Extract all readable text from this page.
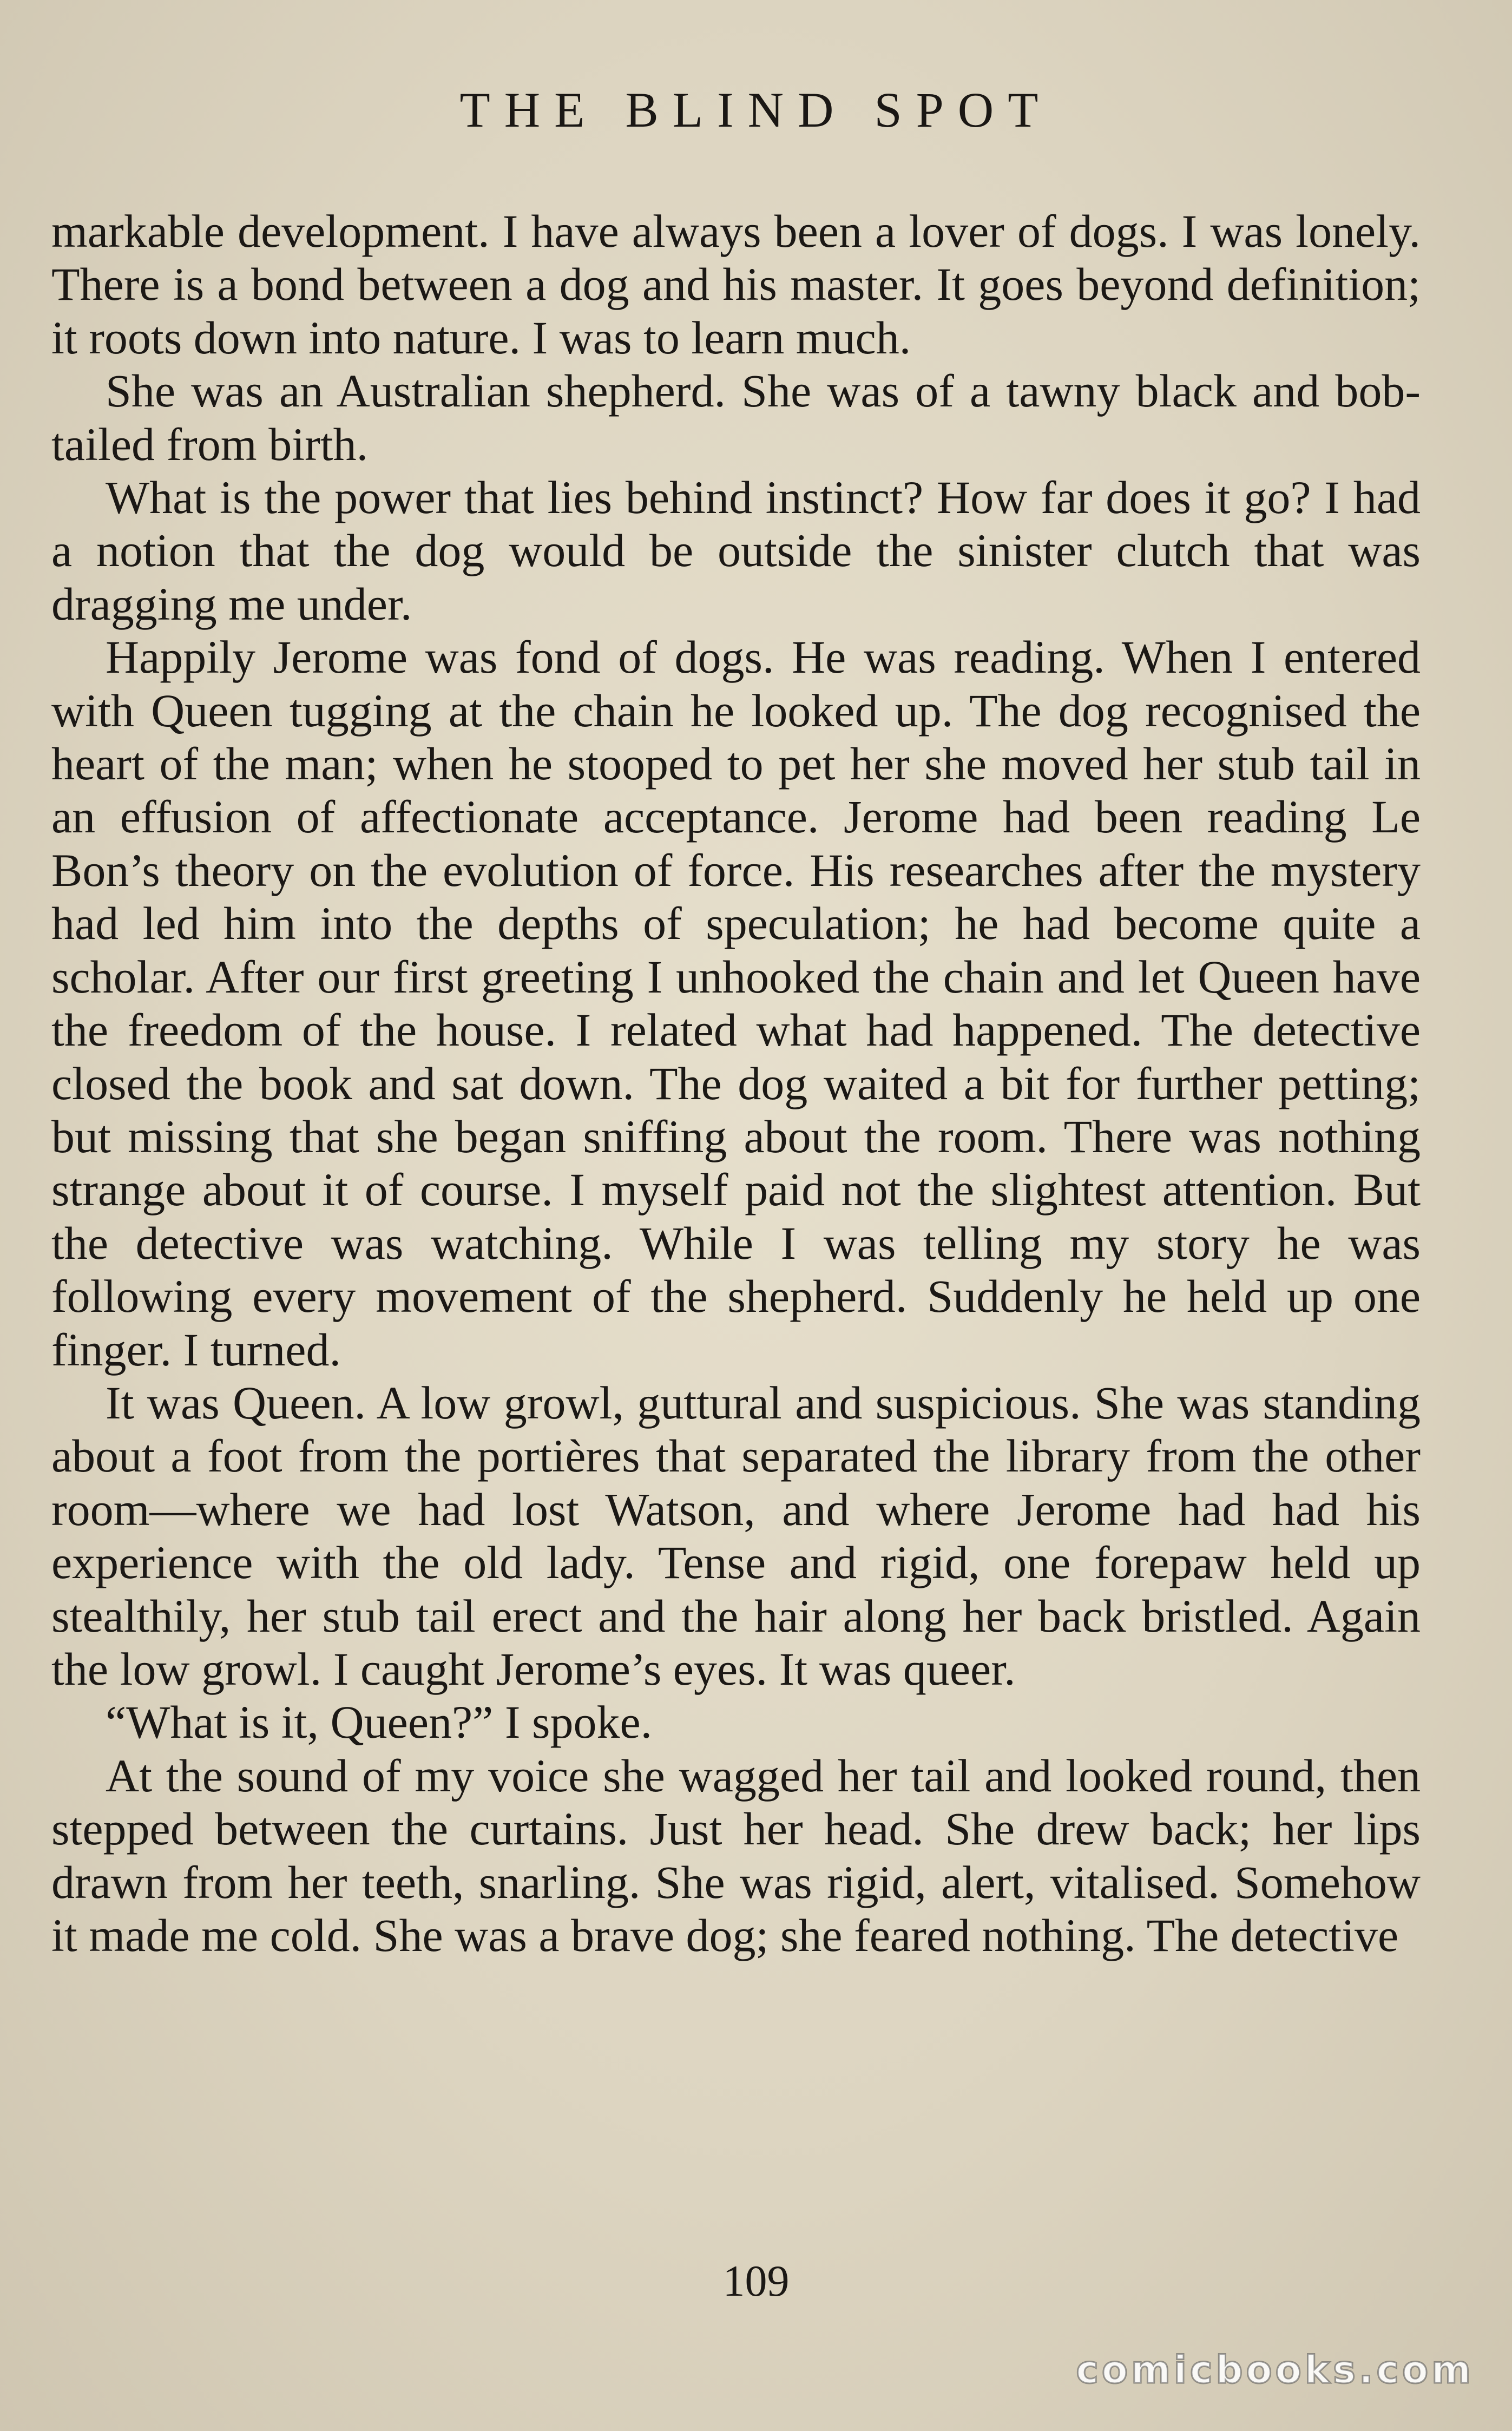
THE BLIND SPOT

markable development. I have always been a lover of dogs. I was lonely. There is a bond between a dog and his master. It goes beyond definition; it roots down into nature. I was to learn much.

She was an Australian shepherd. She was of a tawny black and bob-tailed from birth.

What is the power that lies behind instinct? How far does it go? I had a notion that the dog would be outside the sinister clutch that was dragging me under.

Happily Jerome was fond of dogs. He was reading. When I entered with Queen tugging at the chain he looked up. The dog recognised the heart of the man; when he stooped to pet her she moved her stub tail in an effusion of affectionate acceptance. Jerome had been reading Le Bon’s theory on the evolution of force. His researches after the mystery had led him into the depths of speculation; he had become quite a scholar. After our first greeting I unhooked the chain and let Queen have the freedom of the house. I related what had happened. The detective closed the book and sat down. The dog waited a bit for further petting; but missing that she began sniffing about the room. There was nothing strange about it of course. I myself paid not the slightest attention. But the detective was watching. While I was telling my story he was following every movement of the shepherd. Suddenly he held up one finger. I turned.

It was Queen. A low growl, guttural and suspicious. She was standing about a foot from the portières that separated the library from the other room—where we had lost Watson, and where Jerome had had his experience with the old lady. Tense and rigid, one forepaw held up stealthily, her stub tail erect and the hair along her back bristled. Again the low growl. I caught Jerome’s eyes. It was queer.

“What is it, Queen?” I spoke.

At the sound of my voice she wagged her tail and looked round, then stepped between the curtains. Just her head. She drew back; her lips drawn from her teeth, snarling. She was rigid, alert, vitalised. Somehow it made me cold. She was a brave dog; she feared nothing. The detective

109
comicbooks.com
